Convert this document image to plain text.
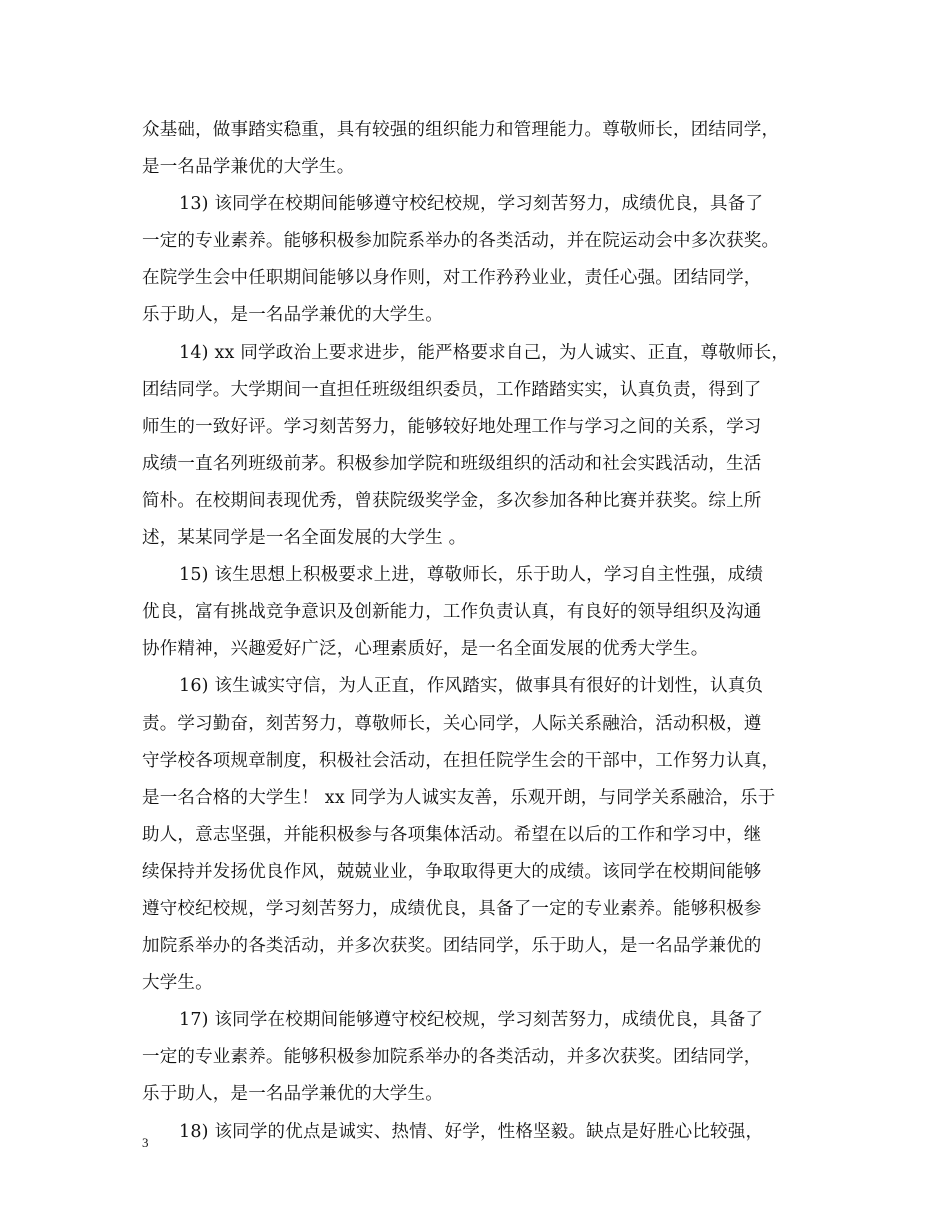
众基础，做事踏实稳重，具有较强的组织能力和管理能力。尊敬师长，团结同学，
是一名品学兼优的大学生。
13) 该同学在校期间能够遵守校纪校规，学习刻苦努力，成绩优良，具备了
一定的专业素养。能够积极参加院系举办的各类活动，并在院运动会中多次获奖。
在院学生会中任职期间能够以身作则，对工作矜矜业业，责任心强。团结同学，
乐于助人，是一名品学兼优的大学生。
14) xx 同学政治上要求进步，能严格要求自己，为人诚实、正直，尊敬师长，
团结同学。大学期间一直担任班级组织委员，工作踏踏实实，认真负责，得到了
师生的一致好评。学习刻苦努力，能够较好地处理工作与学习之间的关系，学习
成绩一直名列班级前茅。积极参加学院和班级组织的活动和社会实践活动，生活
简朴。在校期间表现优秀，曾获院级奖学金，多次参加各种比赛并获奖。综上所
述，某某同学是一名全面发展的大学生 。
15) 该生思想上积极要求上进，尊敬师长，乐于助人，学习自主性强，成绩
优良，富有挑战竞争意识及创新能力，工作负责认真，有良好的领导组织及沟通
协作精神，兴趣爱好广泛，心理素质好，是一名全面发展的优秀大学生。
16) 该生诚实守信，为人正直，作风踏实，做事具有很好的计划性，认真负
责。学习勤奋，刻苦努力，尊敬师长，关心同学，人际关系融洽，活动积极，遵
守学校各项规章制度，积极社会活动，在担任院学生会的干部中，工作努力认真，
是一名合格的大学生！ xx 同学为人诚实友善，乐观开朗，与同学关系融洽，乐于
助人，意志坚强，并能积极参与各项集体活动。希望在以后的工作和学习中，继
续保持并发扬优良作风，兢兢业业，争取取得更大的成绩。该同学在校期间能够
遵守校纪校规，学习刻苦努力，成绩优良，具备了一定的专业素养。能够积极参
加院系举办的各类活动，并多次获奖。团结同学，乐于助人，是一名品学兼优的
大学生。
17) 该同学在校期间能够遵守校纪校规，学习刻苦努力，成绩优良，具备了
一定的专业素养。能够积极参加院系举办的各类活动，并多次获奖。团结同学，
乐于助人，是一名品学兼优的大学生。
18) 该同学的优点是诚实、热情、好学，性格坚毅。缺点是好胜心比较强，
3
